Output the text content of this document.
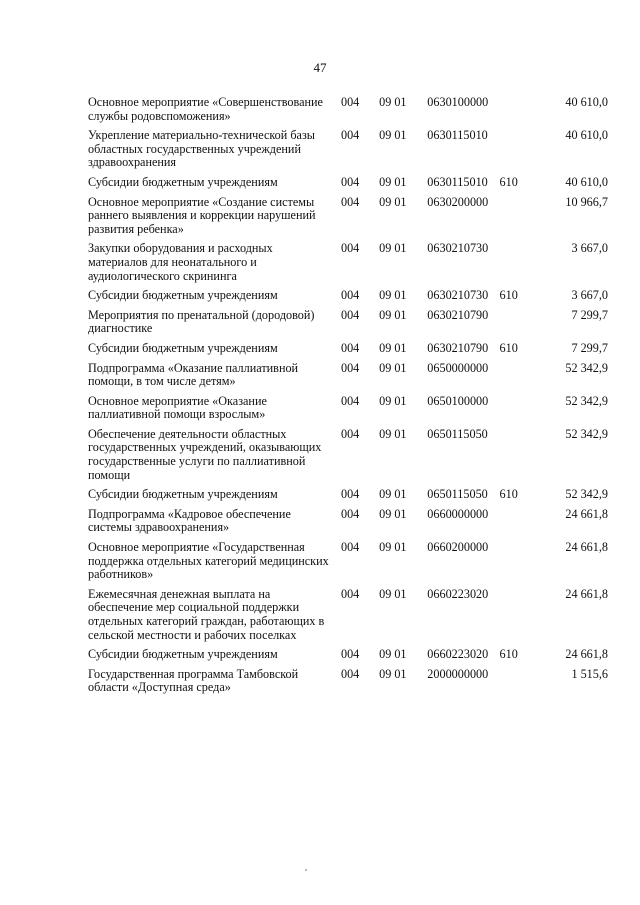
47
Основное мероприятие «Совершенствование службы родовспоможения»	004	09 01	0630100000		40 610,0
Укрепление материально-технической базы областных государственных учреждений здравоохранения	004	09 01	0630115010		40 610,0
Субсидии бюджетным учреждениям	004	09 01	0630115010	610	40 610,0
Основное мероприятие «Создание системы раннего выявления и коррекции нарушений развития ребенка»	004	09 01	0630200000		10 966,7
Закупки оборудования и расходных материалов для неонатального и аудиологического скрининга	004	09 01	0630210730		3 667,0
Субсидии бюджетным учреждениям	004	09 01	0630210730	610	3 667,0
Мероприятия по пренатальной (дородовой) диагностике	004	09 01	0630210790		7 299,7
Субсидии бюджетным учреждениям	004	09 01	0630210790	610	7 299,7
Подпрограмма «Оказание паллиативной помощи, в том числе детям»	004	09 01	0650000000		52 342,9
Основное мероприятие «Оказание паллиативной помощи взрослым»	004	09 01	0650100000		52 342,9
Обеспечение деятельности областных государственных учреждений, оказывающих государственные услуги по паллиативной помощи	004	09 01	0650115050		52 342,9
Субсидии бюджетным учреждениям	004	09 01	0650115050	610	52 342,9
Подпрограмма «Кадровое обеспечение системы здравоохранения»	004	09 01	0660000000		24 661,8
Основное мероприятие «Государственная поддержка отдельных категорий медицинских работников»	004	09 01	0660200000		24 661,8
Ежемесячная денежная выплата на обеспечение мер социальной поддержки отдельных категорий граждан, работающих в сельской местности и рабочих поселках	004	09 01	0660223020		24 661,8
Субсидии бюджетным учреждениям	004	09 01	0660223020	610	24 661,8
Государственная программа Тамбовской области «Доступная среда»	004	09 01	2000000000		1 515,6
